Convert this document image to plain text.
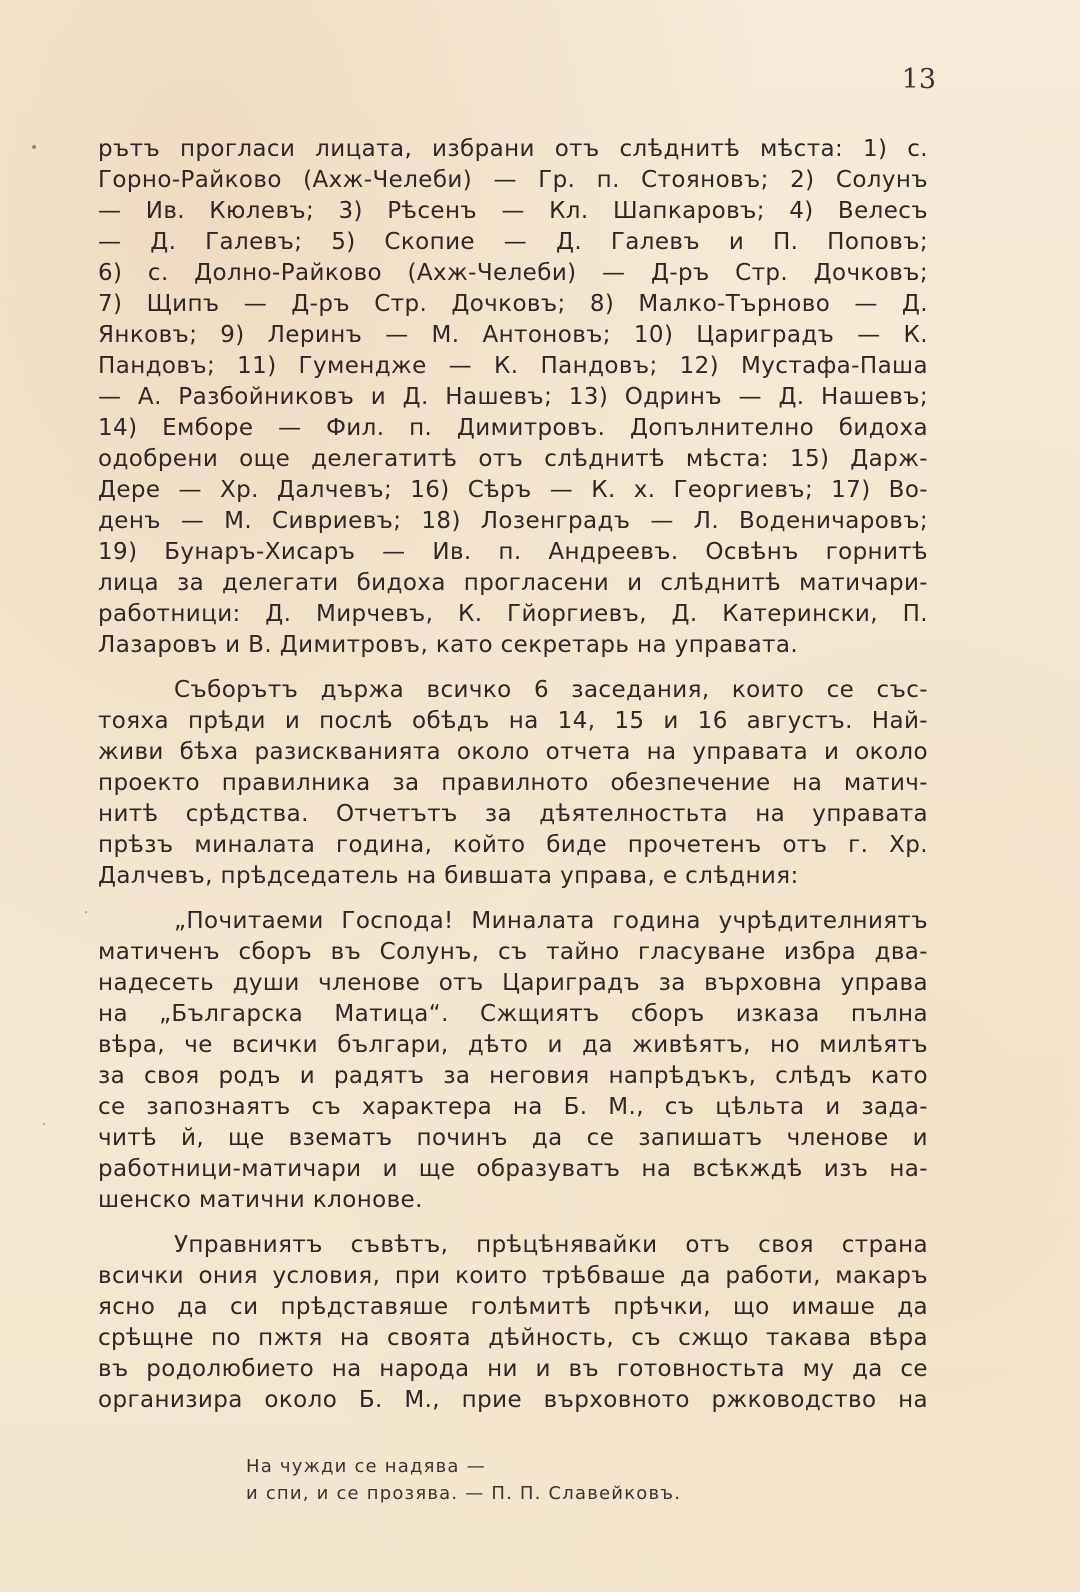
13
рътъ прогласи лицата, избрани отъ слѣднитѣ мѣста: 1) с.
Горно-Райково (Ахж-Челеби) — Гр. п. Стояновъ; 2) Солунъ
— Ив. Кюлевъ; 3) Рѣсенъ — Кл. Шапкаровъ; 4) Велесъ
— Д. Галевъ; 5) Скопие — Д. Галевъ и П. Поповъ;
6) с. Долно-Райково (Ахж-Челеби) — Д-ръ Стр. Дочковъ;
7) Щипъ — Д-ръ Стр. Дочковъ; 8) Малко-Търново — Д.
Янковъ; 9) Леринъ — М. Антоновъ; 10) Цариградъ — К.
Пандовъ; 11) Гумендже — К. Пандовъ; 12) Мустафа-Паша
— А. Разбойниковъ и Д. Нашевъ; 13) Одринъ — Д. Нашевъ;
14) Емборе — Фил. п. Димитровъ. Допълнително бидоха
одобрени още делегатитѣ отъ слѣднитѣ мѣста: 15) Дарж-
Дере — Хр. Далчевъ; 16) Сѣръ — К. х. Георгиевъ; 17) Во-
денъ — М. Сивриевъ; 18) Лозенградъ — Л. Воденичаровъ;
19) Бунаръ-Хисаръ — Ив. п. Андреевъ. Освѣнъ горнитѣ
лица за делегати бидоха прогласени и слѣднитѣ матичари-
работници: Д. Мирчевъ, К. Гйоргиевъ, Д. Катерински, П.
Лазаровъ и В. Димитровъ, като секретарь на управата.
Съборътъ държа всичко 6 заседания, които се със-
тояха прѣди и послѣ обѣдъ на 14, 15 и 16 августъ. Най-
живи бѣха разискванията около отчета на управата и около
проекто правилника за правилното обезпечение на матич-
нитѣ срѣдства. Отчетътъ за дѣятелностьта на управата
прѣзъ миналата година, който биде прочетенъ отъ г. Хр.
Далчевъ, прѣдседатель на бившата управа, е слѣдния:
„Почитаеми Господа! Миналата година учрѣдителниятъ
матиченъ сборъ въ Солунъ, съ тайно гласуване избра два-
надесеть души членове отъ Цариградъ за върховна управа
на „Българска Матица“. Сжщиятъ сборъ изказа пълна
вѣра, че всички българи, дѣто и да живѣятъ, но милѣятъ
за своя родъ и радятъ за неговия напрѣдъкъ, слѣдъ като
се запознаятъ съ характера на Б. М., съ цѣльта и зада-
читѣ й, ще взематъ починъ да се запишатъ членове и
работници-матичари и ще образуватъ на всѣкждѣ изъ на-
шенско матични клонове.
Управниятъ съвѣтъ, прѣцѣнявайки отъ своя страна
всички ония условия, при които трѣбваше да работи, макаръ
ясно да си прѣдставяше голѣмитѣ прѣчки, що имаше да
срѣщне по пжтя на своята дѣйность, съ сжщо такава вѣра
въ родолюбието на народа ни и въ готовностьта му да се
организира около Б. М., прие върховното ржководство на
На чужди се надява —
и спи, и се прозява. — П. П. Славейковъ.
•
·
·
